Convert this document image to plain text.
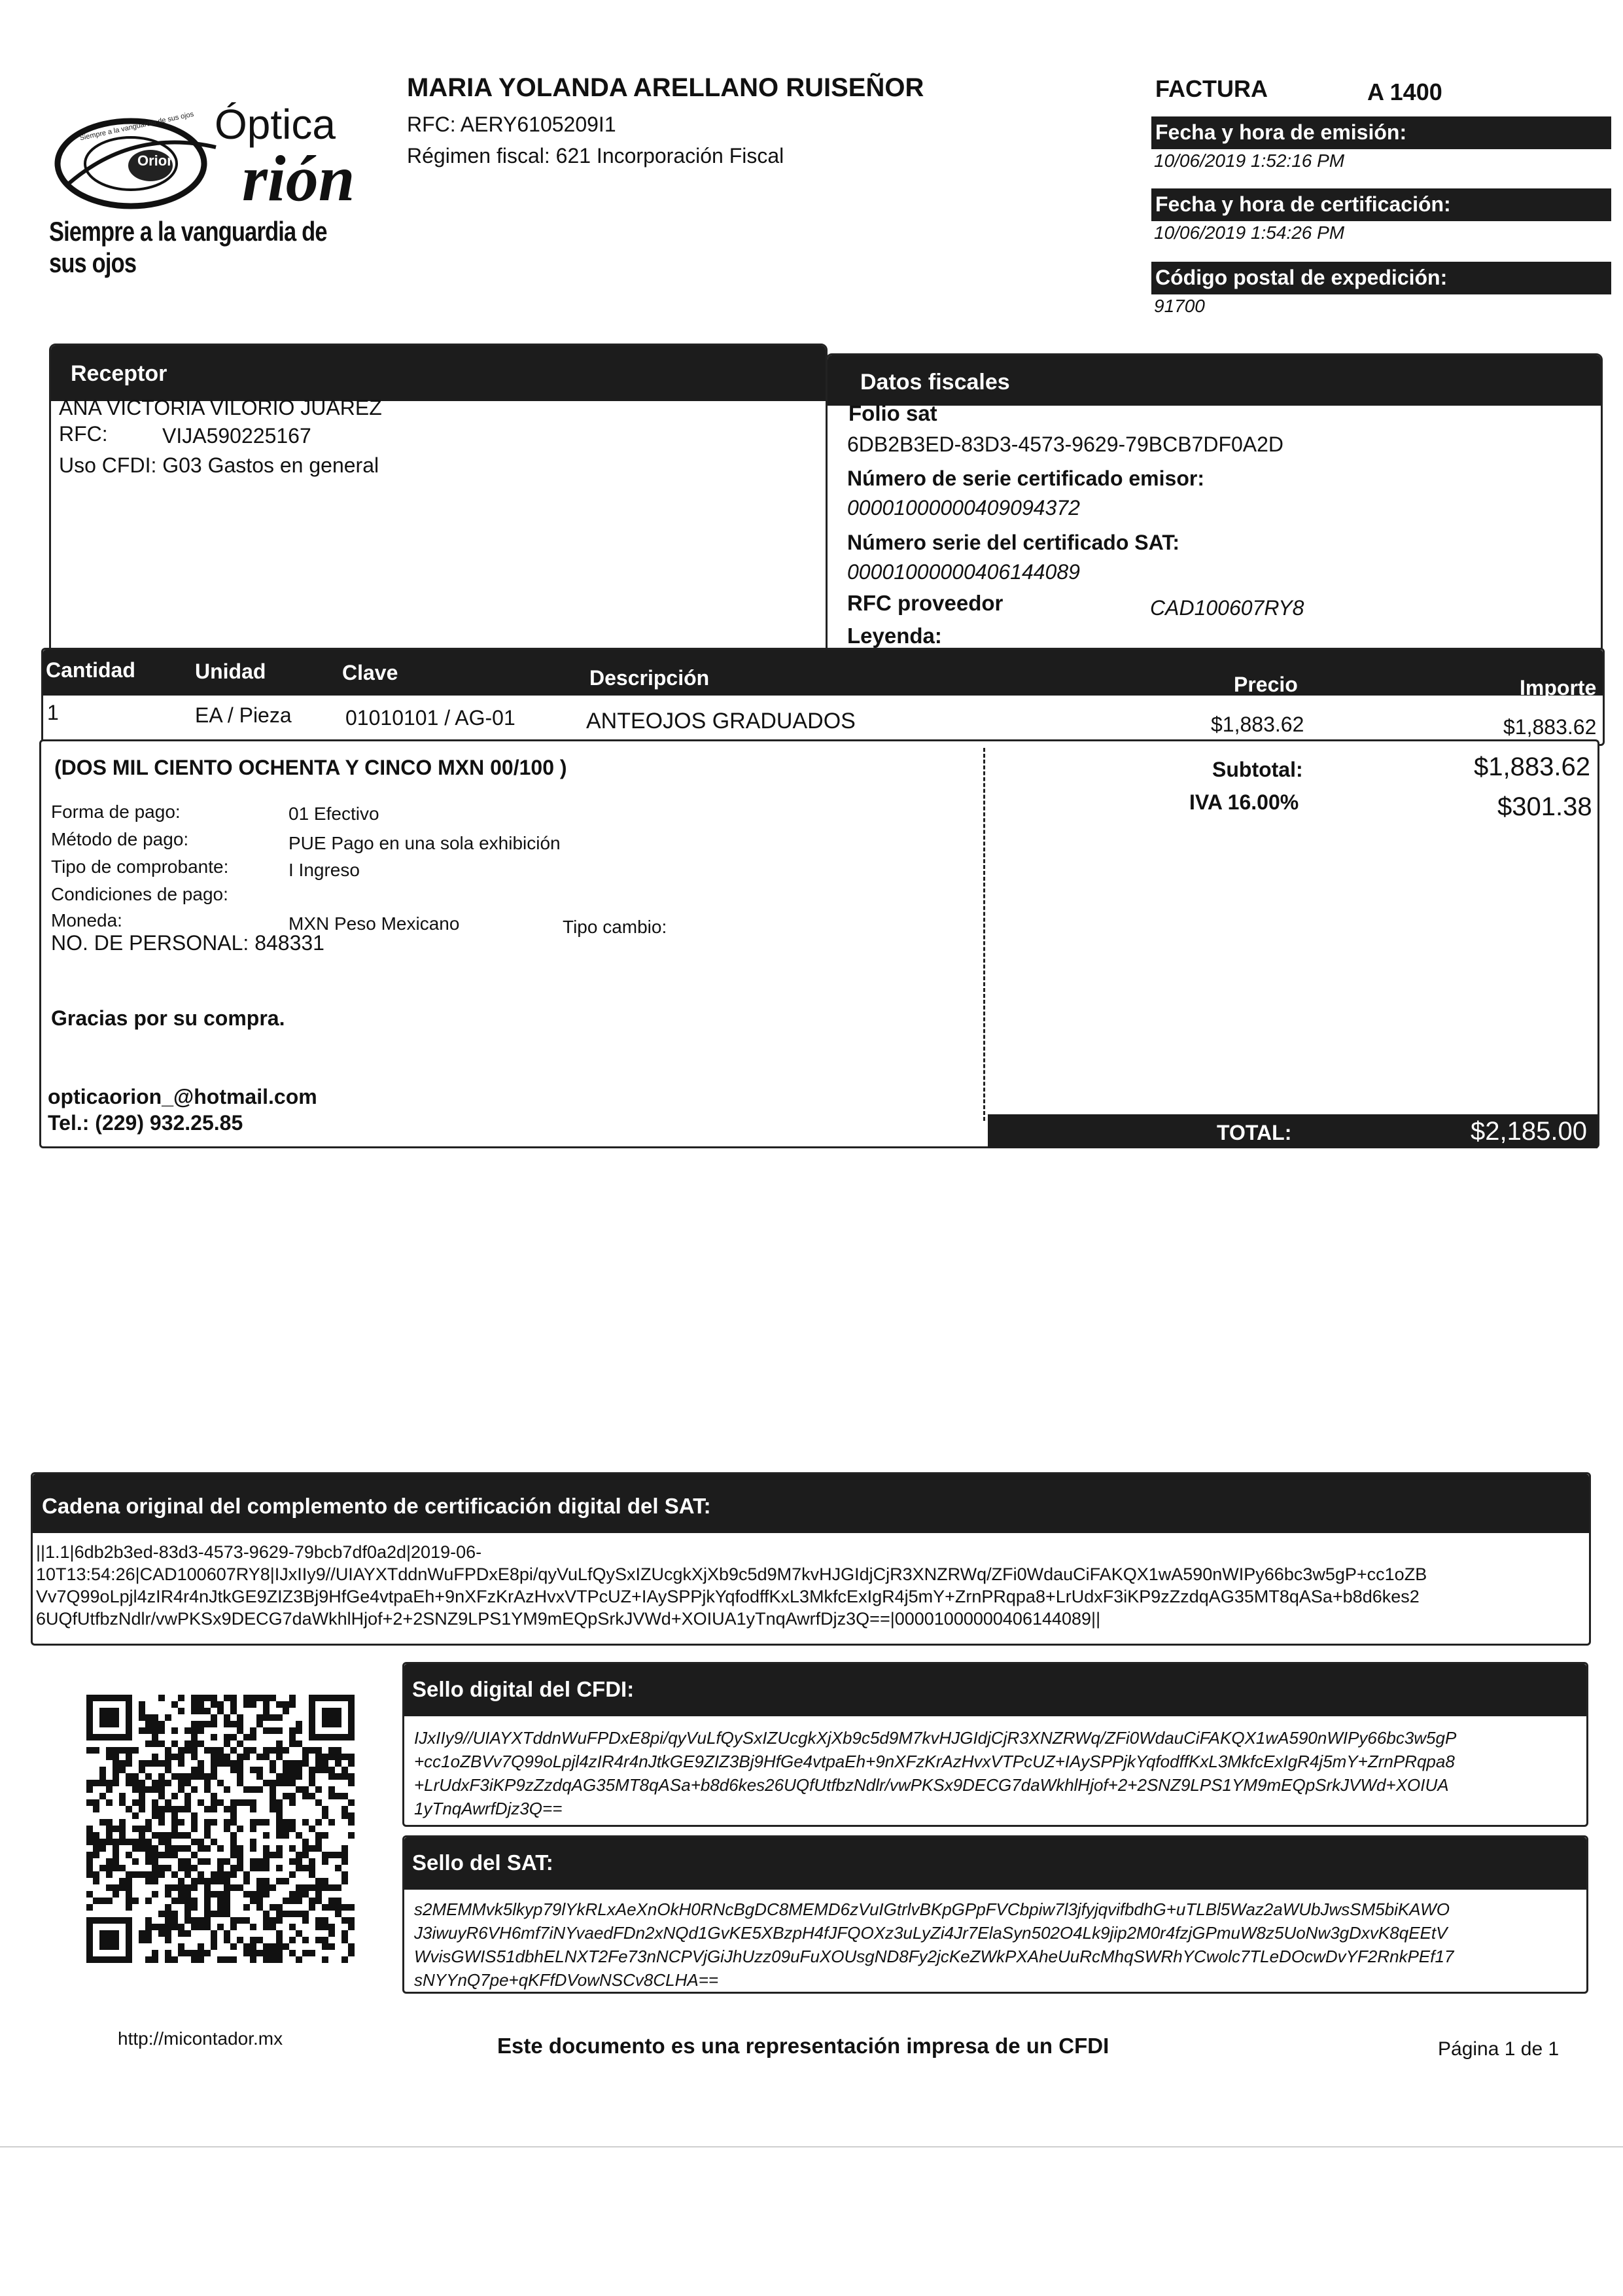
Siempre a la vanguardia de sus ojos
Orion
Óptica
rión
Siempre a la vanguardia de sus ojos
MARIA YOLANDA ARELLANO RUISEÑOR
RFC: AERY6105209I1
Régimen fiscal: 621 Incorporación Fiscal
FACTURA	A 1400
Fecha y hora de emisión:
10/06/2019 1:52:16 PM
Fecha y hora de certificación:
10/06/2019 1:54:26 PM
Código postal de expedición:
91700
Receptor
ANA VICTORIA VILORIO JUAREZ
RFC:	VIJA590225167
Uso CFDI: G03 Gastos en general
Datos fiscales
Folio sat
6DB2B3ED-83D3-4573-9629-79BCB7DF0A2D
Número de serie certificado emisor:
00001000000409094372
Número serie del certificado SAT:
00001000000406144089
RFC proveedor	CAD100607RY8
Leyenda:
Cantidad	Unidad	Clave	Descripción	Precio	Importe
1	EA / Pieza	01010101 / AG-01	ANTEOJOS GRADUADOS	$1,883.62	$1,883.62
(DOS MIL CIENTO OCHENTA Y CINCO MXN 00/100 )
Forma de pago:	01 Efectivo
Método de pago:	PUE Pago en una sola exhibición
Tipo de comprobante:	I Ingreso
Condiciones de pago:
Moneda:	MXN Peso Mexicano	Tipo cambio:
NO. DE PERSONAL: 848331
Gracias por su compra.
opticaorion_@hotmail.com
Tel.: (229) 932.25.85
Subtotal:	$1,883.62
IVA 16.00%	$301.38
TOTAL:	$2,185.00
Cadena original del complemento de certificación digital del SAT:
||1.1|6db2b3ed-83d3-4573-9629-79bcb7df0a2d|2019-06-
10T13:54:26|CAD100607RY8|IJxIIy9//UIAYXTddnWuFPDxE8pi/qyVuLfQySxIZUcgkXjXb9c5d9M7kvHJGIdjCjR3XNZRWq/ZFi0WdauCiFAKQX1wA590nWIPy66bc3w5gP+cc1oZB
Vv7Q99oLpjl4zIR4r4nJtkGE9ZIZ3Bj9HfGe4vtpaEh+9nXFzKrAzHvxVTPcUZ+IAySPPjkYqfodffKxL3MkfcExIgR4j5mY+ZrnPRqpa8+LrUdxF3iKP9zZzdqAG35MT8qASa+b8d6kes2
6UQfUtfbzNdlr/vwPKSx9DECG7daWkhlHjof+2+2SNZ9LPS1YM9mEQpSrkJVWd+XOIUA1yTnqAwrfDjz3Q==|00001000000406144089||
Sello digital del CFDI:
IJxIIy9//UIAYXTddnWuFPDxE8pi/qyVuLfQySxIZUcgkXjXb9c5d9M7kvHJGIdjCjR3XNZRWq/ZFi0WdauCiFAKQX1wA590nWIPy66bc3w5gP
+cc1oZBVv7Q99oLpjl4zIR4r4nJtkGE9ZIZ3Bj9HfGe4vtpaEh+9nXFzKrAzHvxVTPcUZ+IAySPPjkYqfodffKxL3MkfcExIgR4j5mY+ZrnPRqpa8
+LrUdxF3iKP9zZzdqAG35MT8qASa+b8d6kes26UQfUtfbzNdlr/vwPKSx9DECG7daWkhlHjof+2+2SNZ9LPS1YM9mEQpSrkJVWd+XOIUA
1yTnqAwrfDjz3Q==
Sello del SAT:
s2MEMMvk5lkyp79lYkRLxAeXnOkH0RNcBgDC8MEMD6zVuIGtrlvBKpGPpFVCbpiw7l3jfyjqvifbdhG+uTLBl5Waz2aWUbJwsSM5biKAWO
J3iwuyR6VH6mf7iNYvaedFDn2xNQd1GvKE5XBzpH4fJFQOXz3uLyZi4Jr7ElaSyn502O4Lk9jip2M0r4fzjGPmuW8z5UoNw3gDxvK8qEEtV
WvisGWIS51dbhELNXT2Fe73nNCPVjGiJhUzz09uFuXOUsgND8Fy2jcKeZWkPXAheUuRcMhqSWRhYCwolc7TLeDOcwDvYF2RnkPEf17
sNYYnQ7pe+qKFfDVowNSCv8CLHA==
http://micontador.mx	Este documento es una representación impresa de un CFDI	Página 1 de 1
